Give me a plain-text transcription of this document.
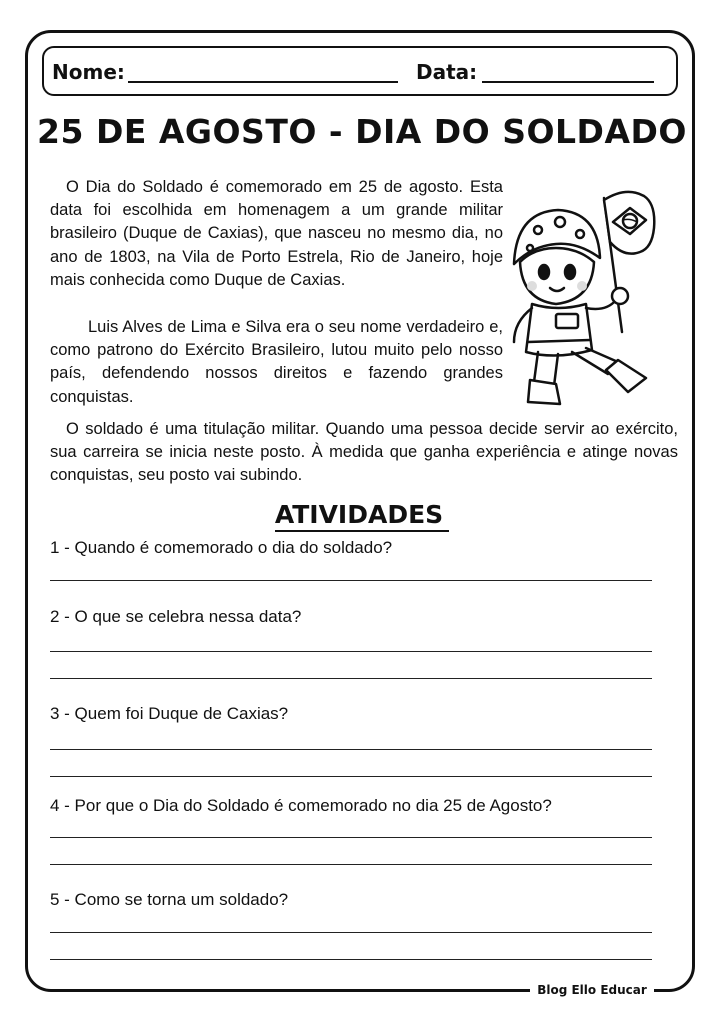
Nome:	Data:
25 DE AGOSTO - DIA DO SOLDADO

O Dia do Soldado é comemorado em 25 de agosto. Esta data foi escolhida em homenagem a um grande militar brasileiro (Duque de Caxias), que nasceu no mesmo dia, no ano de 1803, na Vila de Porto Estrela, Rio de Janeiro, hoje mais conhecida como Duque de Caxias.

Luis Alves de Lima e Silva era o seu nome verdadeiro e, como patrono do Exército Brasileiro, lutou muito pelo nosso país, defendendo nossos direitos e fazendo grandes conquistas.

O soldado é uma titulação militar. Quando uma pessoa decide servir ao exército, sua carreira se inicia neste posto. À medida que ganha experiência e atinge novas conquistas, seu posto vai subindo.

ATIVIDADES
1 - Quando é comemorado o dia do soldado?
2 - O que se celebra nessa data?
3 - Quem foi Duque de Caxias?
4 - Por que o Dia do Soldado é comemorado no dia 25 de Agosto?
5 - Como se torna um soldado?
Blog Ello Educar
